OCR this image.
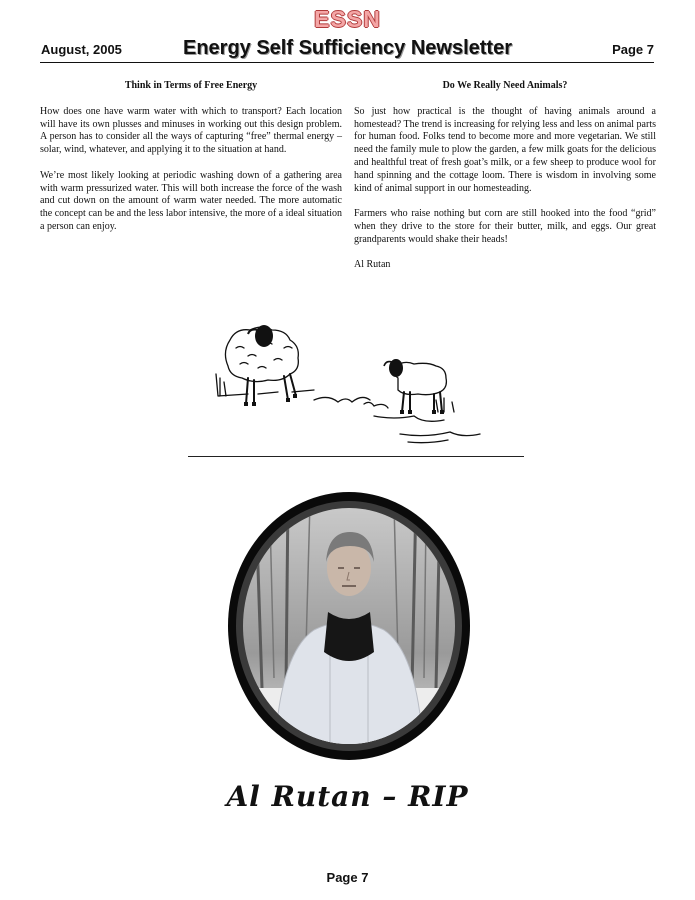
ESSN
August, 2005	Energy Self Sufficiency Newsletter	Page 7
Think in Terms of Free Energy

How does one have warm water with which to transport? Each location will have its own plusses and minuses in working out this design problem. A person has to consider all the ways of capturing “free” thermal energy – solar, wind, whatever, and applying it to the situation at hand.

We’re most likely looking at periodic washing down of a gathering area with warm pressurized water. This will both increase the force of the wash and cut down on the amount of warm water needed. The more automatic the concept can be and the less labor intensive, the more of a ideal situation a person can enjoy.

Do We Really Need Animals?

So just how practical is the thought of having animals around a homestead? The trend is increasing for relying less and less on animal parts for human food. Folks tend to become more and more vegetarian. We still need the family mule to plow the garden, a few milk goats for the delicious and healthful treat of fresh goat’s milk, or a few sheep to produce wool for hand spinning and the cottage loom. There is wisdom in involving some kind of animal support in our homesteading.

Farmers who raise nothing but corn are still hooked into the food “grid” when they drive to the store for their butter, milk, and eggs. Our great grandparents would shake their heads!

Al Rutan

Al Rutan – RIP
Page 7
